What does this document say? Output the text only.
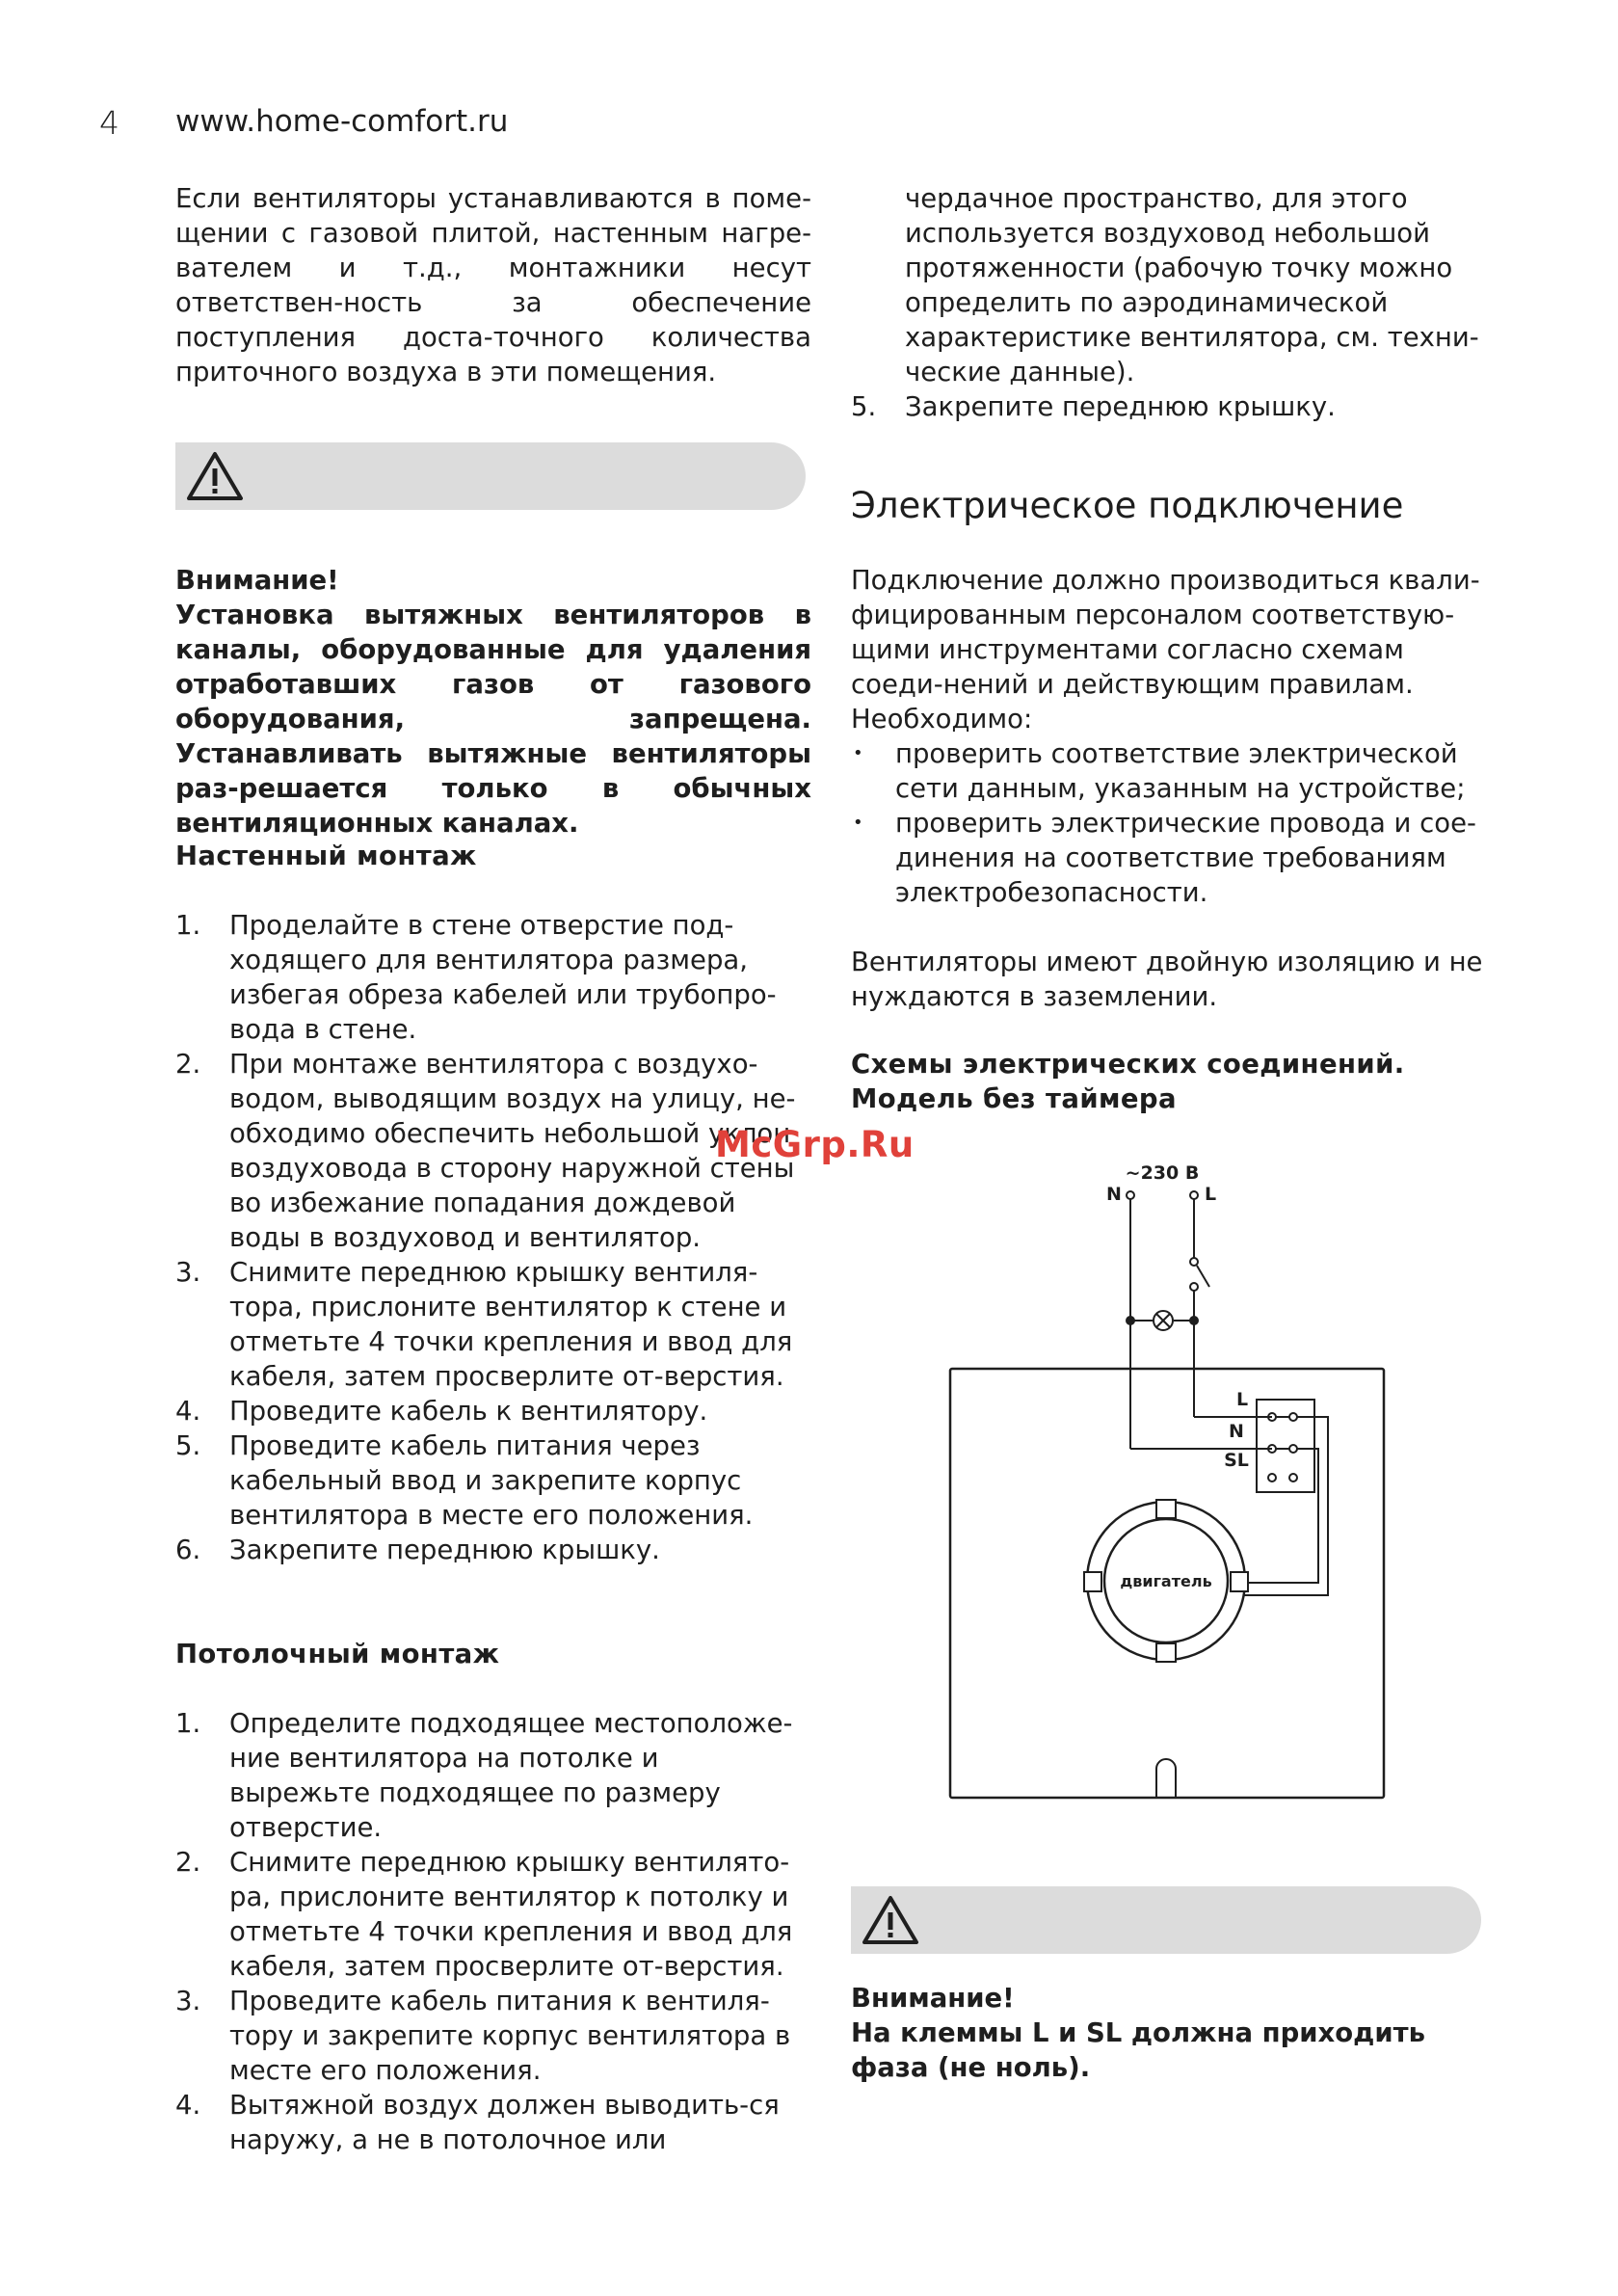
4 www.home-comfort.ru

Если вентиляторы устанавливаются в поме-щении с газовой плитой, настенным нагре-вателем и т.д., монтажники несут ответствен-ность за обеспечение поступления доста-точного количества приточного воздуха в эти помещения.

Внимание!

Установка вытяжных вентиляторов в каналы, оборудованные для удаления отработавших газов от газового оборудования, запрещена. Устанавливать вытяжные вентиляторы раз-решается только в обычных вентиляционных каналах.

Настенный монтаж
1. Проделайте в стене отверстие под-ходящего для вентилятора размера, избегая обреза кабелей или трубопро-вода в стене.
2. При монтаже вентилятора с воздухо-водом, выводящим воздух на улицу, не-обходимо обеспечить небольшой уклон воздуховода в сторону наружной стены во избежание попадания дождевой воды в воздуховод и вентилятор.
3. Снимите переднюю крышку вентиля-тора, прислоните вентилятор к стене и отметьте 4 точки крепления и ввод для кабеля, затем просверлите от-верстия.
4. Проведите кабель к вентилятору.
5. Проведите кабель питания через кабельный ввод и закрепите корпус вентилятора в месте его положения.
6. Закрепите переднюю крышку.
Потолочный монтаж
1. Определите подходящее местоположе-ние вентилятора на потолке и вырежьте подходящее по размеру отверстие.
2. Снимите переднюю крышку вентилято-ра, прислоните вентилятор к потолку и отметьте 4 точки крепления и ввод для кабеля, затем просверлите от-верстия.
3. Проведите кабель питания к вентиля-тору и закрепите корпус вентилятора в месте его положения.
4. Вытяжной воздух должен выводить-ся наружу, а не в потолочное или

чердачное пространство, для этого используется воздуховод небольшой протяженности (рабочую точку можно определить по аэродинамической характеристике вентилятора, см. техни-ческие данные).

5. Закрепите переднюю крышку.
Электрическое подключение

Подключение должно производиться квали-фицированным персоналом соответствую-щими инструментами согласно схемам соеди-нений и действующим правилам.

Необходимо:

• проверить соответствие электрической сети данным, указанным на устройстве;
• проверить электрические провода и сое-динения на соответствие требованиям электробезопасности.

Вентиляторы имеют двойную изоляцию и не нуждаются в заземлении.

Схемы электрических соединений.
Модель без таймера
~230 В
N	L
L
N
SL
двигатель

Внимание!

На клеммы L и SL должна приходить фаза (не ноль).

McGrp.Ru
